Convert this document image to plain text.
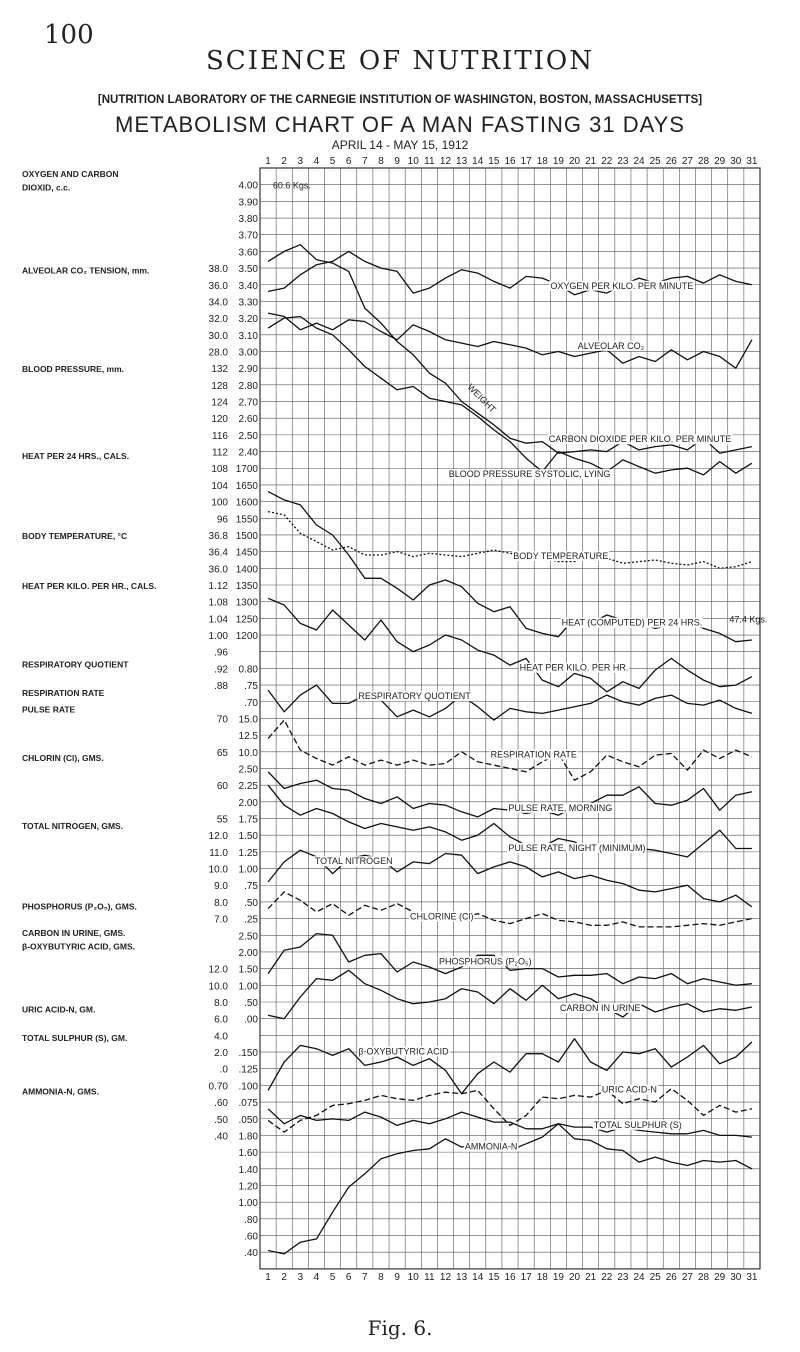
100
SCIENCE OF NUTRITION
[NUTRITION LABORATORY OF THE CARNEGIE INSTITUTION OF WASHINGTON, BOSTON, MASSACHUSETTS]
METABOLISM CHART OF A MAN FASTING 31 DAYS
APRIL 14 - MAY 15, 1912
1
1
2
2
3
3
4
4
5
5
6
6
7
7
8
8
9
9
10
10
11
11
12
12
13
13
14
14
15
15
16
16
17
17
18
18
19
19
20
20
21
21
22
22
23
23
24
24
25
25
26
26
27
27
28
28
29
29
30
30
31
31
4.00
3.90
3.80
3.70
3.60
38.0 3.50
36.0 3.40
34.0 3.30
32.0 3.20
30.0 3.10
28.0 3.00
132 2.90
128 2.80
124 2.70
120 2.60
116 2.50
112 2.40
108 1700
104 1650
100 1600
96 1550
36.8 1500
36.4 1450
36.0 1400
1.12 1350
1.08 1300
1.04 1250
1.00 1200
.96
.92 0.80
.88 .75
.70
70 15.0
12.5
65 10.0
2.50
60 2.25
2.00
55 1.75
12.0 1.50
11.0 1.25
10.0 1.00
9.0 .75
8.0 .50
7.0 .25
2.50
2.00
12.0 1.50
10.0 1.00
8.0 .50
6.0 .00
4.0
2.0 .150
.0 .125
0.70 .100
.60 .075
.50 .050
.40 1.80
1.60
1.40
1.20
1.00
.80
.60
.40
OXYGEN AND CARBON
DIOXID, c.c.
ALVEOLAR CO₂ TENSION, mm.
BLOOD PRESSURE, mm.
HEAT PER 24 HRS., CALS.
BODY TEMPERATURE, °C
HEAT PER KILO. PER HR., CALS.
RESPIRATORY QUOTIENT
RESPIRATION RATE
PULSE RATE
CHLORIN (Cl), GMS.
TOTAL NITROGEN, GMS.
PHOSPHORUS (P₂O₅), GMS.
CARBON IN URINE, GMS.
β-OXYBUTYRIC ACID, GMS.
URIC ACID-N, GM.
TOTAL SULPHUR (S), GM.
AMMONIA-N, GMS.
OXYGEN PER KILO. PER MINUTE
ALVEOLAR CO₂
CARBON DIOXIDE PER KILO. PER MINUTE
BLOOD PRESSURE SYSTOLIC, LYING
BODY TEMPERATURE
HEAT (COMPUTED) PER 24 HRS.
HEAT PER KILO. PER HR.
RESPIRATORY QUOTIENT
RESPIRATION RATE
PULSE RATE, MORNING
PULSE RATE, NIGHT (MINIMUM)
TOTAL NITROGEN
CHLORINE (Cl)
PHOSPHORUS (P₂O₅)
CARBON IN URINE
β-OXYBUTYRIC ACID
URIC ACID-N
TOTAL SULPHUR (S)
AMMONIA-N
60.6 Kgs.
47.4 Kgs.
WEIGHT
Fig. 6.
